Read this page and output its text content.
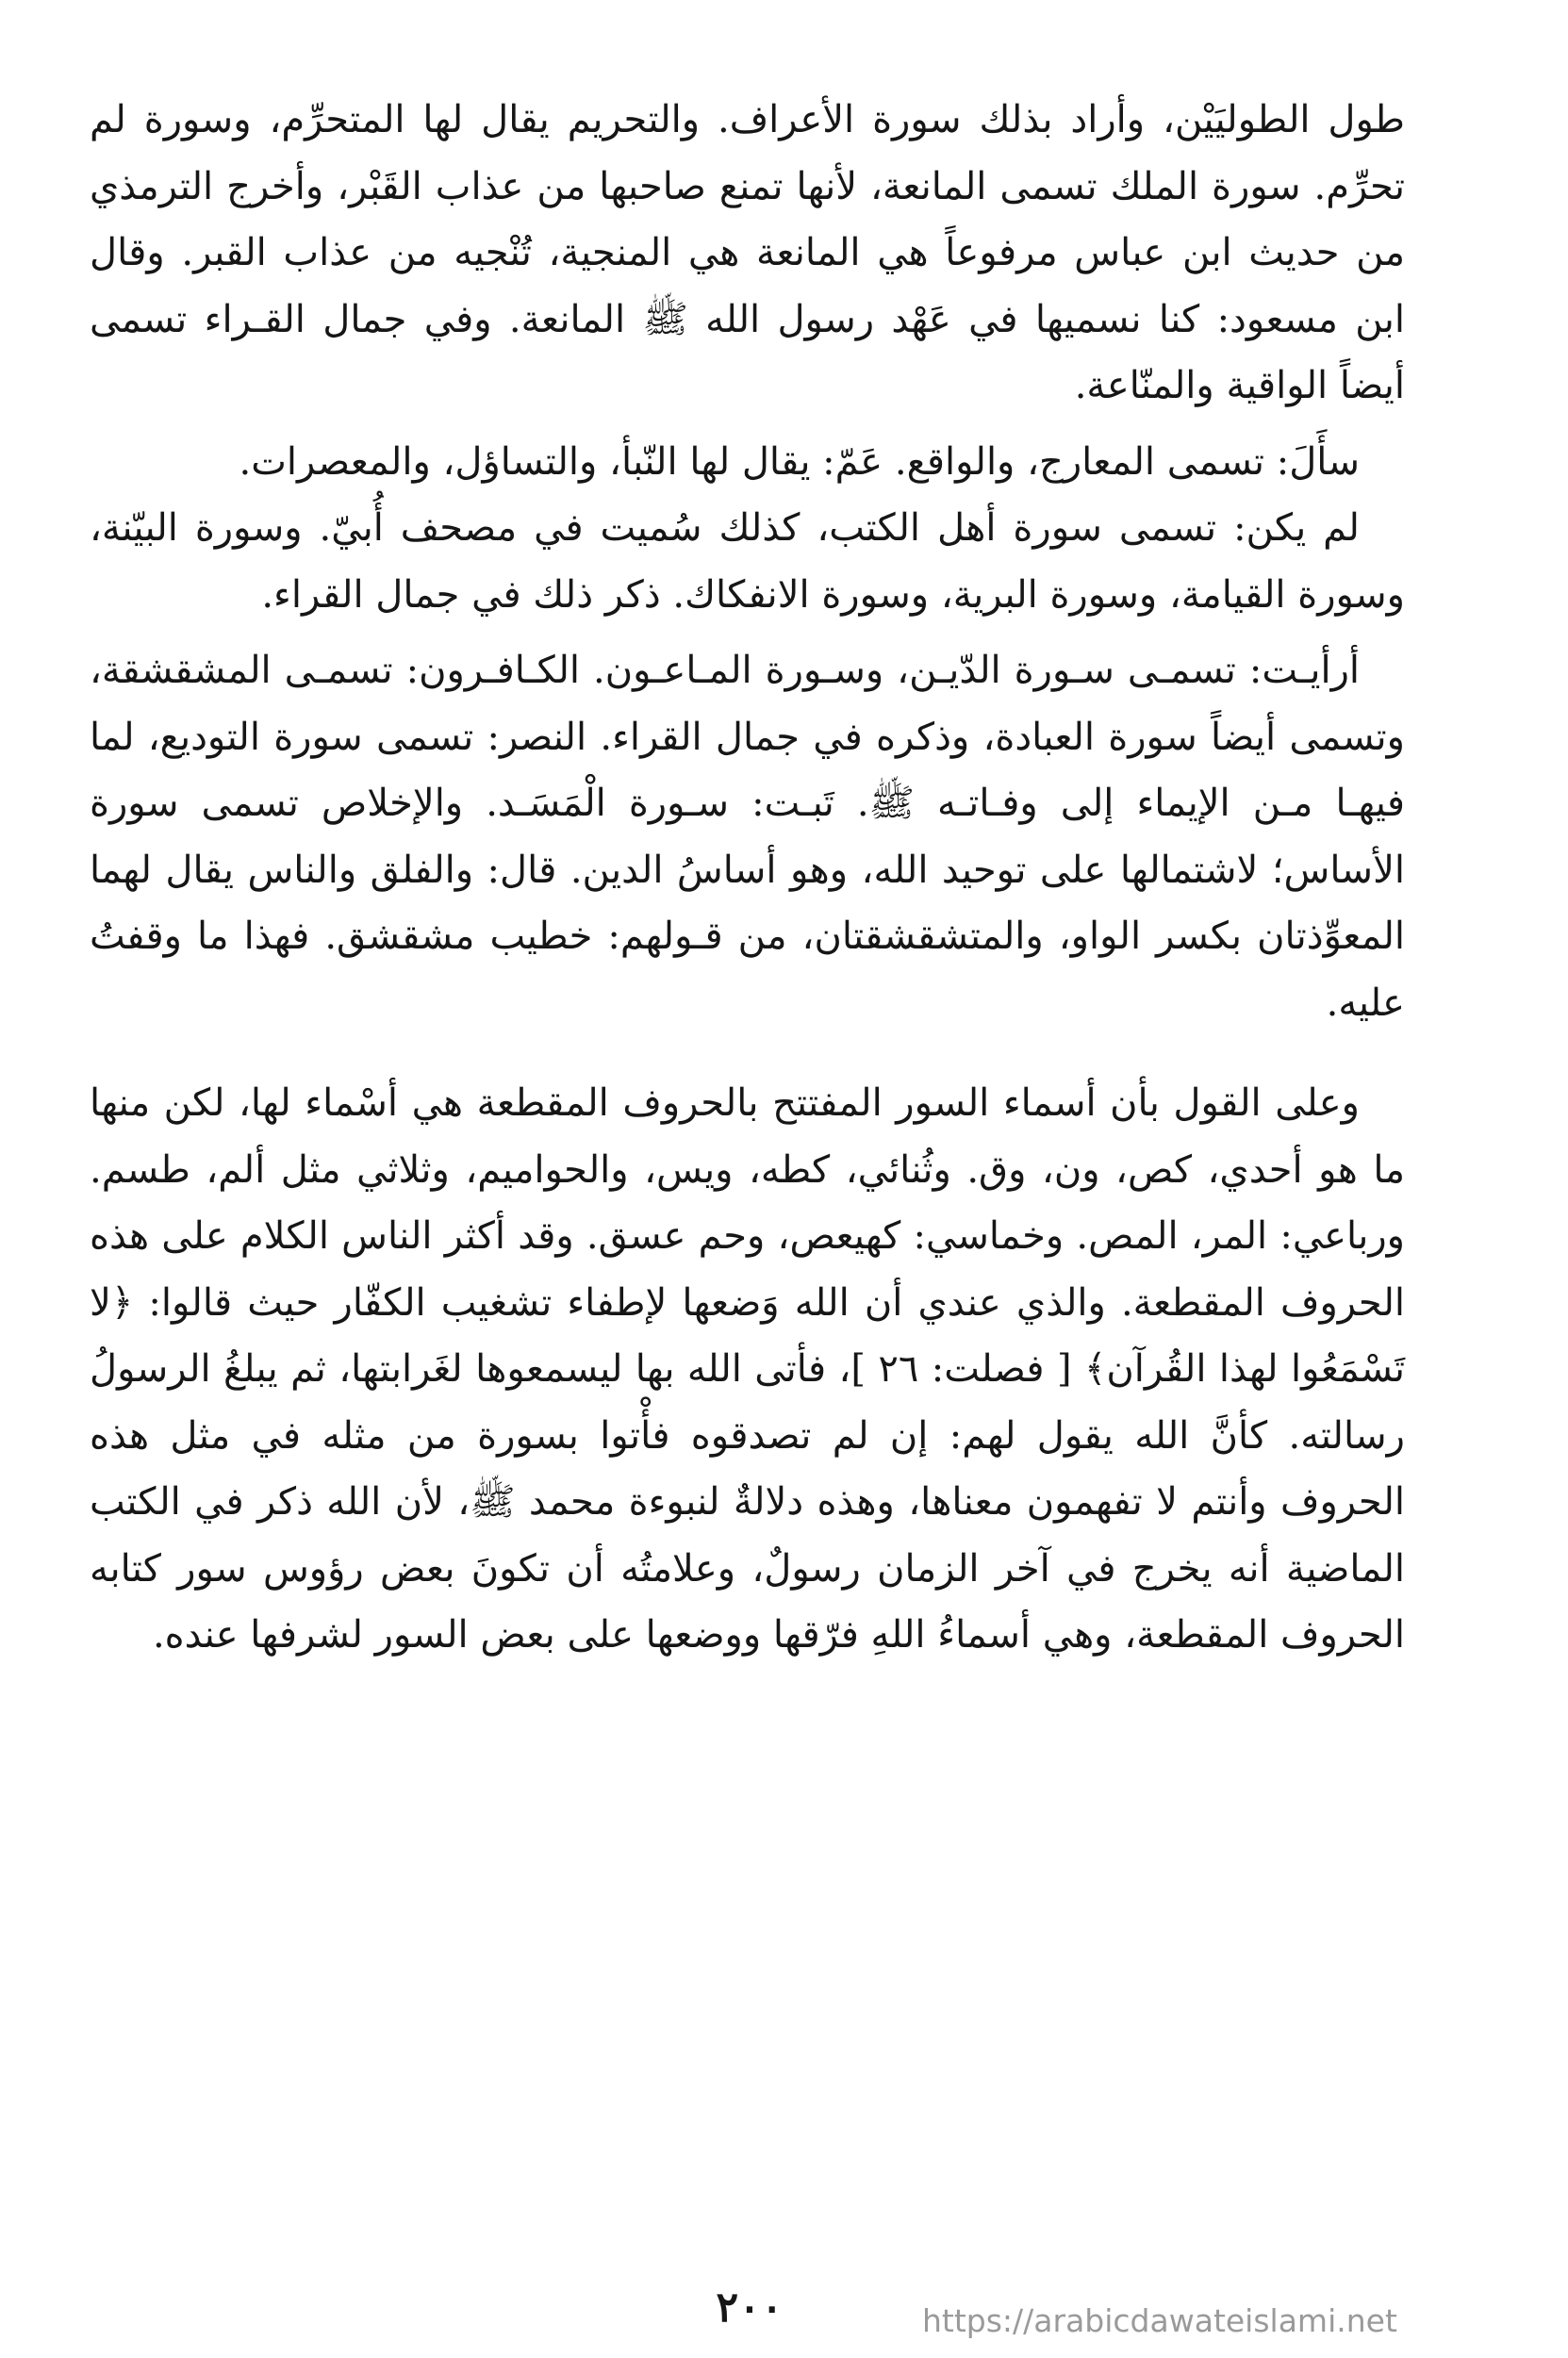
طول الطوليَيْن، وأراد بذلك سورة الأعراف. والتحريم يقال لها المتحرِّم، وسورة لم تحرِّم. سورة الملك تسمى المانعة، لأنها تمنع صاحبها من عذاب القَبْر، وأخرج الترمذي من حديث ابن عباس مرفوعاً هي المانعة هي المنجية، تُنْجيه من عذاب القبر. وقال ابن مسعود: كنا نسميها في عَهْد رسول الله ﷺ المانعة. وفي جمال القـراء تسمى أيضاً الواقية والمنّاعة.

سأَلَ: تسمى المعارج، والواقع. عَمّ: يقال لها النّبأ، والتساؤل، والمعصرات.

لم يكن: تسمى سورة أهل الكتب، كذلك سُميت في مصحف أُبيّ. وسورة البيّنة، وسورة القيامة، وسورة البرية، وسورة الانفكاك. ذكر ذلك في جمال القراء.

أرأيـت: تسمـى سـورة الدّيـن، وسـورة المـاعـون. الكـافـرون: تسمـى المشقشقة، وتسمى أيضاً سورة العبادة، وذكره في جمال القراء. النصر: تسمى سورة التوديع، لما فيهـا مـن الإيماء إلى وفـاتـه ﷺ. تَبـت: سـورة الْمَسَـد. والإخلاص تسمى سورة الأساس؛ لاشتمالها على توحيد الله، وهو أساسُ الدين. قال: والفلق والناس يقال لهما المعوِّذتان بكسر الواو، والمتشقشقتان، من قـولهم: خطيب مشقشق. فهذا ما وقفتُ عليه.

وعلى القول بأن أسماء السور المفتتح بالحروف المقطعة هي أسْماء لها، لكن منها ما هو أحدي، كص، ون، وق. وثُنائي، كطه، ويس، والحواميم، وثلاثي مثل ألم، طسم. ورباعي: المر، المص. وخماسي: كهيعص، وحم عسق. وقد أكثر الناس الكلام على هذه الحروف المقطعة. والذي عندي أن الله وَضعها لإطفاء تشغيب الكفّار حيث قالوا: ﴿لا تَسْمَعُوا لهذا القُرآن﴾ [ فصلت: ٢٦ ]، فأتى الله بها ليسمعوها لغَرابتها، ثم يبلغُ الرسولُ رسالته. كأنَّ الله يقول لهم: إن لم تصدقوه فأْتوا بسورة من مثله في مثل هذه الحروف وأنتم لا تفهمون معناها، وهذه دلالةٌ لنبوءة محمد ﷺ، لأن الله ذكر في الكتب الماضية أنه يخرج في آخر الزمان رسولٌ، وعلامتُه أن تكونَ بعض رؤوس سور كتابه الحروف المقطعة، وهي أسماءُ اللهِ فرّقها ووضعها على بعض السور لشرفها عنده.

٢٠٠	https://arabicdawateislami.net
